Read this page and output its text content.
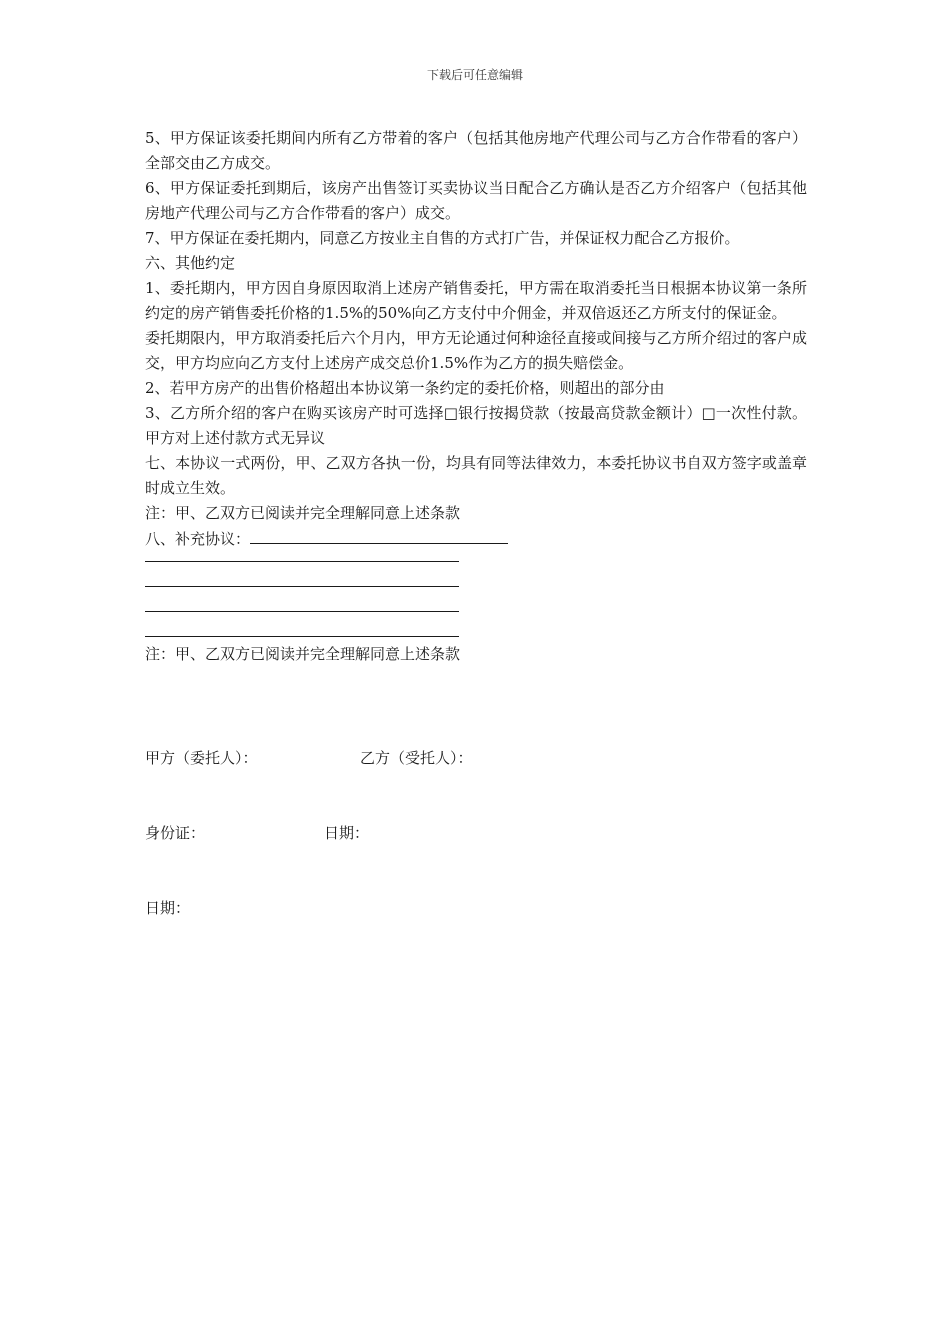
下载后可任意编辑

5、甲方保证该委托期间内所有乙方带着的客户（包括其他房地产代理公司与乙方合作带看的客户）全部交由乙方成交。

6、甲方保证委托到期后，该房产出售签订买卖协议当日配合乙方确认是否乙方介绍客户（包括其他房地产代理公司与乙方合作带看的客户）成交。

7、甲方保证在委托期内，同意乙方按业主自售的方式打广告，并保证权力配合乙方报价。

六、其他约定

1、委托期内，甲方因自身原因取消上述房产销售委托，甲方需在取消委托当日根据本协议第一条所约定的房产销售委托价格的1.5%的50%向乙方支付中介佣金，并双倍返还乙方所支付的保证金。

委托期限内，甲方取消委托后六个月内，甲方无论通过何种途径直接或间接与乙方所介绍过的客户成交，甲方均应向乙方支付上述房产成交总价1.5%作为乙方的损失赔偿金。

2、若甲方房产的出售价格超出本协议第一条约定的委托价格，则超出的部分由

3、乙方所介绍的客户在购买该房产时可选择□银行按揭贷款（按最高贷款金额计）□一次性付款。甲方对上述付款方式无异议

七、本协议一式两份，甲、乙双方各执一份，均具有同等法律效力，本委托协议书自双方签字或盖章时成立生效。

注：甲、乙双方已阅读并完全理解同意上述条款

八、补充协议：

注：甲、乙双方已阅读并完全理解同意上述条款

甲方（委托人）：	乙方（受托人）：
身份证：	日期：
日期：
